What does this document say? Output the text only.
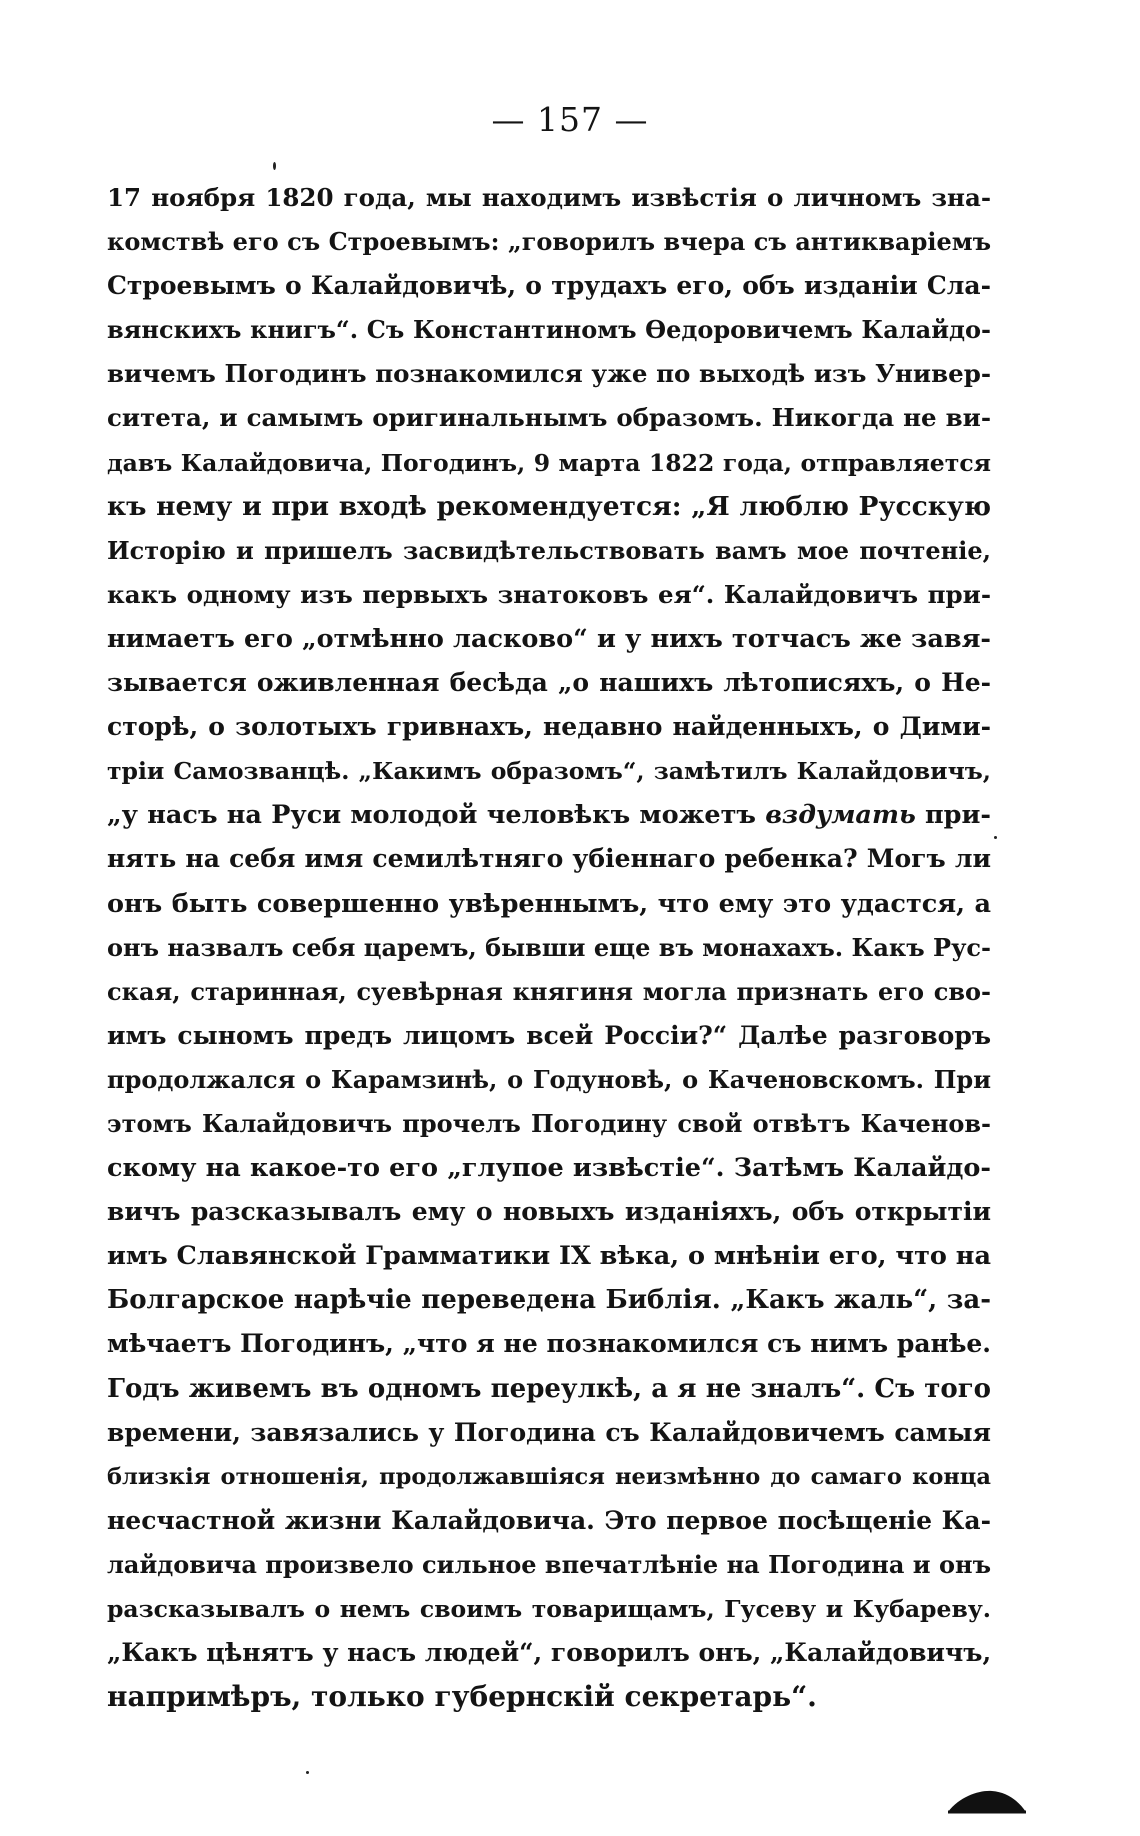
— 157 —
17 ноября 1820 года, мы находимъ извѣстія о личномъ зна-
комствѣ его съ Строевымъ: „говорилъ вчера съ антикваріемъ
Строевымъ о Калайдовичѣ, о трудахъ его, объ изданіи Сла-
вянскихъ книгъ“. Съ Константиномъ Ѳедоровичемъ Калайдо-
вичемъ Погодинъ познакомился уже по выходѣ изъ Универ-
ситета, и самымъ оригинальнымъ образомъ. Никогда не ви-
давъ Калайдовича, Погодинъ, 9 марта 1822 года, отправляется
къ нему и при входѣ рекомендуется: „Я люблю Русскую
Исторію и пришелъ засвидѣтельствовать вамъ мое почтеніе,
какъ одному изъ первыхъ знатоковъ ея“. Калайдовичъ при-
нимаетъ его „отмѣнно ласково“ и у нихъ тотчасъ же завя-
зывается оживленная бесѣда „о нашихъ лѣтописяхъ, о Не-
сторѣ, о золотыхъ гривнахъ, недавно найденныхъ, о Дими-
тріи Самозванцѣ. „Какимъ образомъ“, замѣтилъ Калайдовичъ,
„у насъ на Руси молодой человѣкъ можетъ вздумать при-
нять на себя имя семилѣтняго убіеннаго ребенка? Могъ ли
онъ быть совершенно увѣреннымъ, что ему это удастся, а
онъ назвалъ себя царемъ, бывши еще въ монахахъ. Какъ Рус-
ская, старинная, суевѣрная княгиня могла признать его сво-
имъ сыномъ предъ лицомъ всей Россіи?“ Далѣе разговоръ
продолжался о Карамзинѣ, о Годуновѣ, о Каченовскомъ. При
этомъ Калайдовичъ прочелъ Погодину свой отвѣтъ Каченов-
скому на какое-то его „глупое извѣстіе“. Затѣмъ Калайдо-
вичъ разсказывалъ ему о новыхъ изданіяхъ, объ открытіи
имъ Славянской Грамматики IX вѣка, о мнѣніи его, что на
Болгарское нарѣчіе переведена Библія. „Какъ жаль“, за-
мѣчаетъ Погодинъ, „что я не познакомился съ нимъ ранѣе.
Годъ живемъ въ одномъ переулкѣ, а я не зналъ“. Съ того
времени, завязались у Погодина съ Калайдовичемъ самыя
близкія отношенія, продолжавшіяся неизмѣнно до самаго конца
несчастной жизни Калайдовича. Это первое посѣщеніе Ка-
лайдовича произвело сильное впечатлѣніе на Погодина и онъ
разсказывалъ о немъ своимъ товарищамъ, Гусеву и Кубареву.
„Какъ цѣнятъ у насъ людей“, говорилъ онъ, „Калайдовичъ,
напримѣръ, только губернскій секретарь“.
